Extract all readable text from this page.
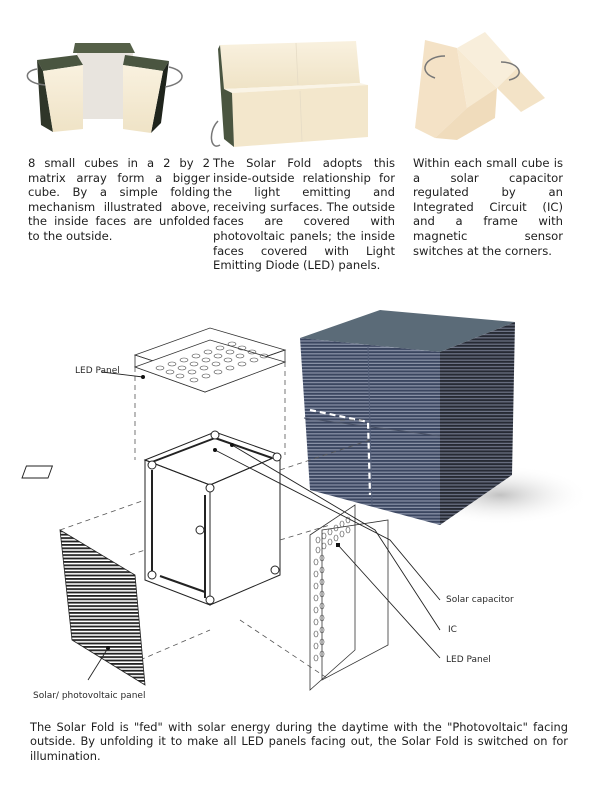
8 small cubes in a 2 by 2 matrix array form a bigger cube. By a simple folding mechanism illustrated above, the inside faces are unfolded to the outside.
The Solar Fold adopts this inside-outside relationship for the light emitting and receiving surfaces. The outside faces are covered with photovoltaic panels; the inside faces covered with Light Emitting Diode (LED) panels.
Within each small cube is a solar capacitor regulated by an Integrated Circuit (IC) and a frame with magnetic sensor switches at the corners.
LED Panel
Solar capacitor
IC
LED Panel
Solar/ photovoltaic panel
The Solar Fold is "fed" with solar energy during the daytime with the "Photovoltaic" facing outside. By unfolding it to make all LED panels facing out, the Solar Fold is switched on for illumination.
